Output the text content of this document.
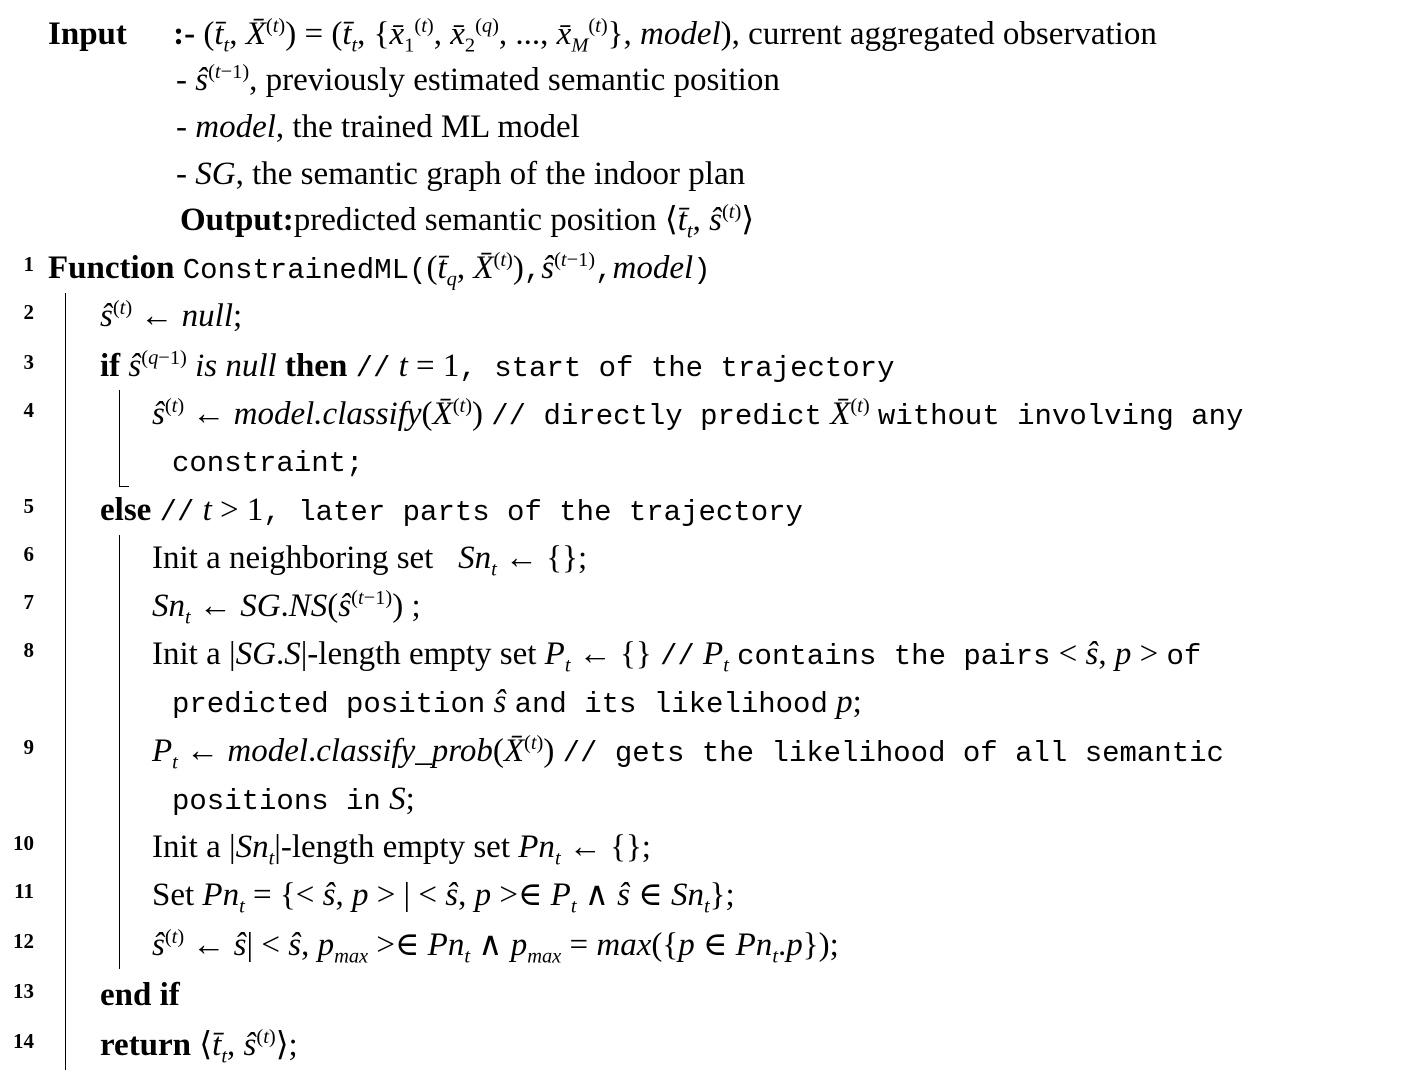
Input :- ($t̄_t$, X̄$^{(t)}$) = ($t̄_t$, {$x̄_1^{(t)}$, $x̄_2^{(q)}$, ..., $x̄_M^{(t)}$}, model), current aggregated observation
- $ŝ^{(t-1)}$, previously estimated semantic position
- model, the trained ML model
- SG, the semantic graph of the indoor plan
Output:predicted semantic position $⟨t̄_t$, $ŝ^{(t)}⟩$
1
2
3
4
5
6
7
8
9
10
11
12
13
14
Function $ConstrainedML((t̄_q$, $X̄^{(t)}),ŝ^{(t-1)},model$)
$ŝ^{(t)}$ ← null;
if $ŝ^{(q-1)}$ is null then // t = 1, start of the trajectory
$ŝ^{(t)}$ ← model.classify(X̄$^{(t)}$) // directly predict X̄$^{(t)}$ without involving any
constraint;
else // t > 1, later parts of the trajectory
Init a neighboring set $Sn_t$ ← {};
$Sn_t$ ← $SG.NS(ŝ^{(t-1)})$ ;
Init a |SG.S|-length empty set $P_t$ ← {} // $P_t$ contains the pairs < ŝ, p > of
predicted position ŝ and its likelihood p;
$P_t$ ← model.classify_prob(X̄$^{(t)}$) // gets the likelihood of all semantic
positions in S;
Init a $|Sn_t|$-length empty set $Pn_t$ ← {};
Set $Pn_t$ = {< ŝ, p > | < ŝ, p >∈ $P_t$ ∧ ŝ ∈ $Sn_t$};
$ŝ^{(t)}$ ← ŝ| < ŝ, $p_{max}$ >∈ $Pn_t$ ∧ $p_{max} = \max(\{p$ ∈ $Pn_t.p$});
end if
return $⟨t̄_t$, $ŝ^{(t)}⟩$;
